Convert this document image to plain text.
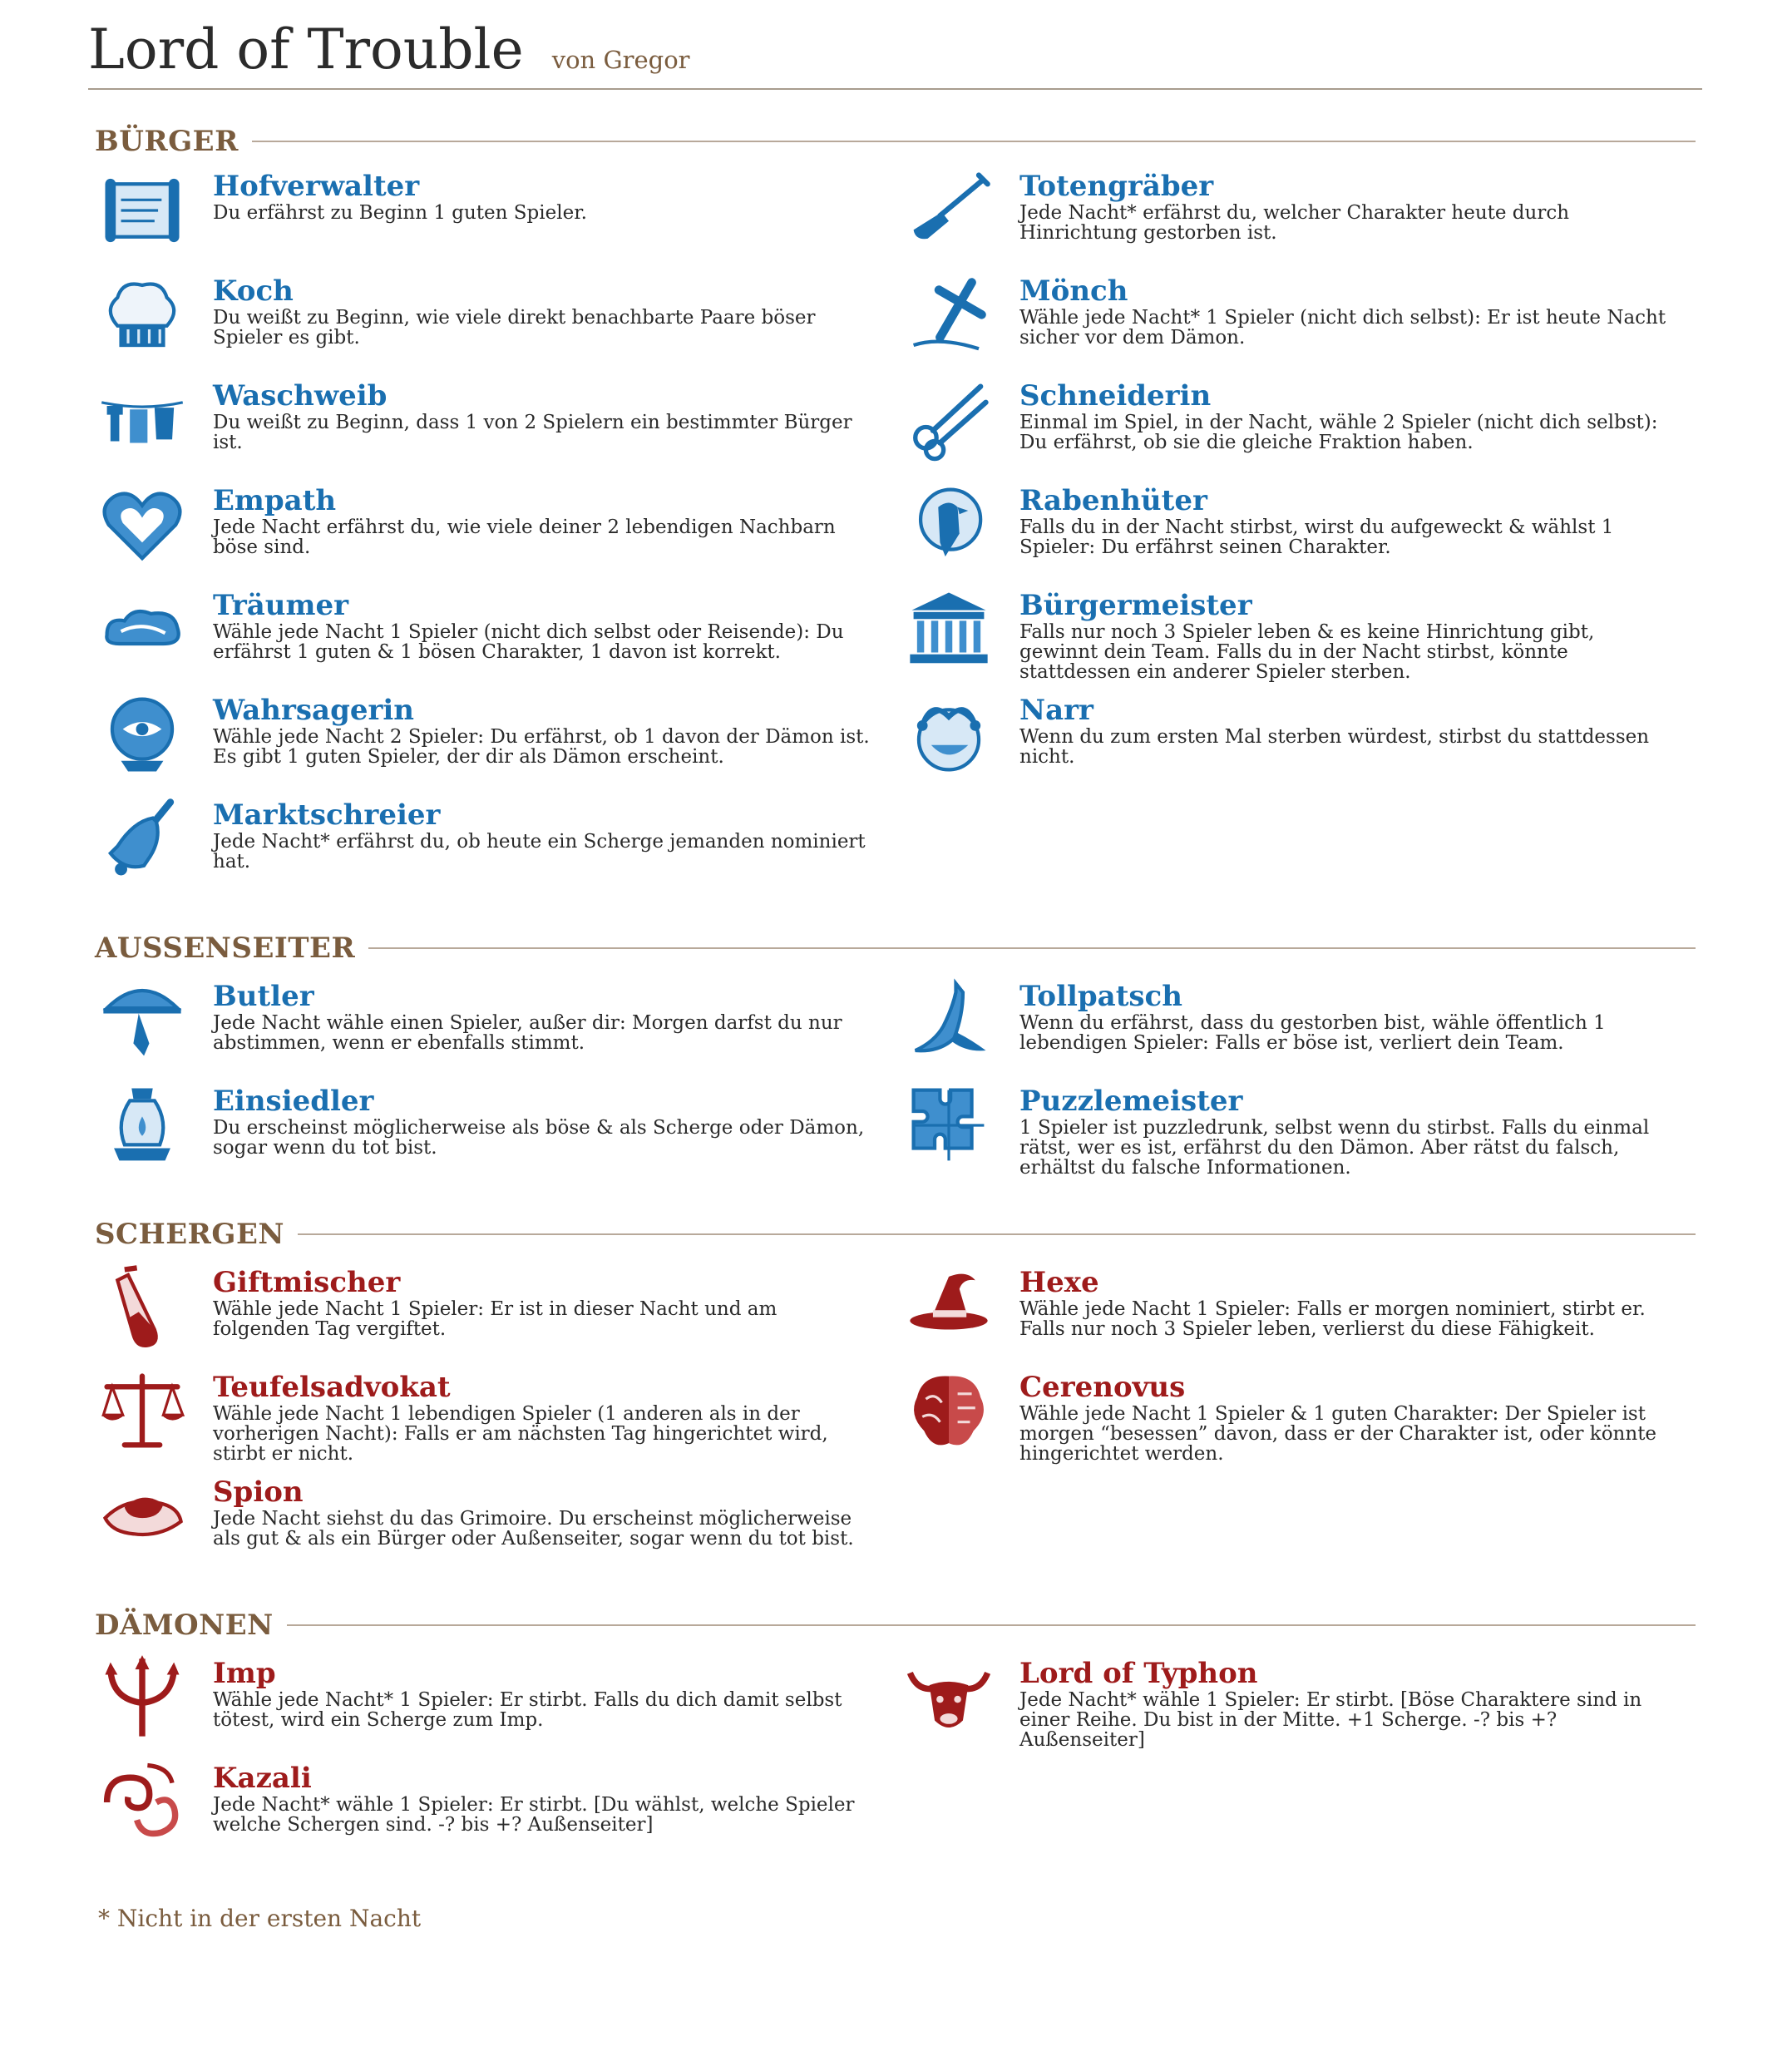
Lord of Trouble von Gregor
BÜRGER
Hofverwalter
Du erfährst zu Beginn 1 guten Spieler.
Totengräber
Jede Nacht* erfährst du, welcher Charakter heute durch Hinrichtung gestorben ist.
Koch
Du weißt zu Beginn, wie viele direkt benachbarte Paare böser Spieler es gibt.
Mönch
Wähle jede Nacht* 1 Spieler (nicht dich selbst): Er ist heute Nacht sicher vor dem Dämon.
Waschweib
Du weißt zu Beginn, dass 1 von 2 Spielern ein bestimmter Bürger ist.
Schneiderin
Einmal im Spiel, in der Nacht, wähle 2 Spieler (nicht dich selbst): Du erfährst, ob sie die gleiche Fraktion haben.
Empath
Jede Nacht erfährst du, wie viele deiner 2 lebendigen Nachbarn böse sind.
Rabenhüter
Falls du in der Nacht stirbst, wirst du aufgeweckt & wählst 1 Spieler: Du erfährst seinen Charakter.
Träumer
Wähle jede Nacht 1 Spieler (nicht dich selbst oder Reisende): Du erfährst 1 guten & 1 bösen Charakter, 1 davon ist korrekt.
Bürgermeister
Falls nur noch 3 Spieler leben & es keine Hinrichtung gibt, gewinnt dein Team. Falls du in der Nacht stirbst, könnte stattdessen ein anderer Spieler sterben.
Wahrsagerin
Wähle jede Nacht 2 Spieler: Du erfährst, ob 1 davon der Dämon ist. Es gibt 1 guten Spieler, der dir als Dämon erscheint.
Narr
Wenn du zum ersten Mal sterben würdest, stirbst du stattdessen nicht.
Marktschreier
Jede Nacht* erfährst du, ob heute ein Scherge jemanden nominiert hat.
AUSSENSEITER
Butler
Jede Nacht wähle einen Spieler, außer dir: Morgen darfst du nur abstimmen, wenn er ebenfalls stimmt.
Tollpatsch
Wenn du erfährst, dass du gestorben bist, wähle öffentlich 1 lebendigen Spieler: Falls er böse ist, verliert dein Team.
Einsiedler
Du erscheinst möglicherweise als böse & als Scherge oder Dämon, sogar wenn du tot bist.
Puzzlemeister
1 Spieler ist puzzledrunk, selbst wenn du stirbst. Falls du einmal rätst, wer es ist, erfährst du den Dämon. Aber rätst du falsch, erhältst du falsche Informationen.
SCHERGEN
Giftmischer
Wähle jede Nacht 1 Spieler: Er ist in dieser Nacht und am folgenden Tag vergiftet.
Hexe
Wähle jede Nacht 1 Spieler: Falls er morgen nominiert, stirbt er. Falls nur noch 3 Spieler leben, verlierst du diese Fähigkeit.
Teufelsadvokat
Wähle jede Nacht 1 lebendigen Spieler (1 anderen als in der vorherigen Nacht): Falls er am nächsten Tag hingerichtet wird, stirbt er nicht.
Cerenovus
Wähle jede Nacht 1 Spieler & 1 guten Charakter: Der Spieler ist morgen “besessen” davon, dass er der Charakter ist, oder könnte hingerichtet werden.
Spion
Jede Nacht siehst du das Grimoire. Du erscheinst möglicherweise als gut & als ein Bürger oder Außenseiter, sogar wenn du tot bist.
DÄMONEN
Imp
Wähle jede Nacht* 1 Spieler: Er stirbt. Falls du dich damit selbst tötest, wird ein Scherge zum Imp.
Lord of Typhon
Jede Nacht* wähle 1 Spieler: Er stirbt. [Böse Charaktere sind in einer Reihe. Du bist in der Mitte. +1 Scherge. -? bis +? Außenseiter]
Kazali
Jede Nacht* wähle 1 Spieler: Er stirbt. [Du wählst, welche Spieler welche Schergen sind. -? bis +? Außenseiter]
* Nicht in der ersten Nacht
